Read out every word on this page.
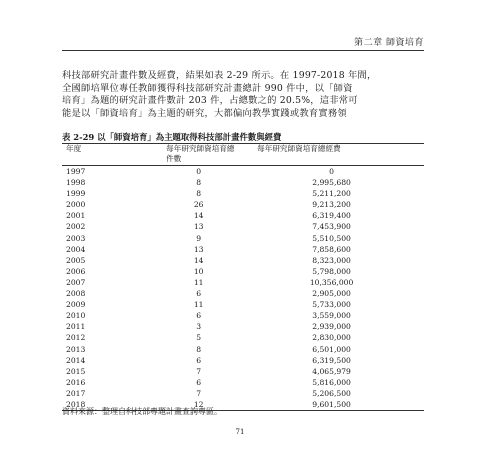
第二章 師資培育
科技部研究計畫件數及經費，結果如表 2-29 所示。在 1997-2018 年間，
全國師培單位專任教師獲得科技部研究計畫總計 990 件中，以「師資
培育」為題的研究計畫件數計 203 件，占總數之的 20.5%，這非常可
能是以「師資培育」為主題的研究，大都偏向教學實踐或教育實務領
表 2-29 以「師資培育」為主題取得科技部計畫件數與經費
年度	每年研究師資培育總件數	每年研究師資培育總經費
1997	0	0
1998	8	2,995,680
1999	8	5,211,200
2000	26	9,213,200
2001	14	6,319,400
2002	13	7,453,900
2003	9	5,510,500
2004	13	7,858,600
2005	14	8,323,000
2006	10	5,798,000
2007	11	10,356,000
2008	6	2,905,000
2009	11	5,733,000
2010	6	3,559,000
2011	3	2,939,000
2012	5	2,830,000
2013	8	6,501,000
2014	6	6,319,500
2015	7	4,065,979
2016	6	5,816,000
2017	7	5,206,500
2018	12	9,601,500
資料來源：整理自科技部專題計畫查詢專區。
71
